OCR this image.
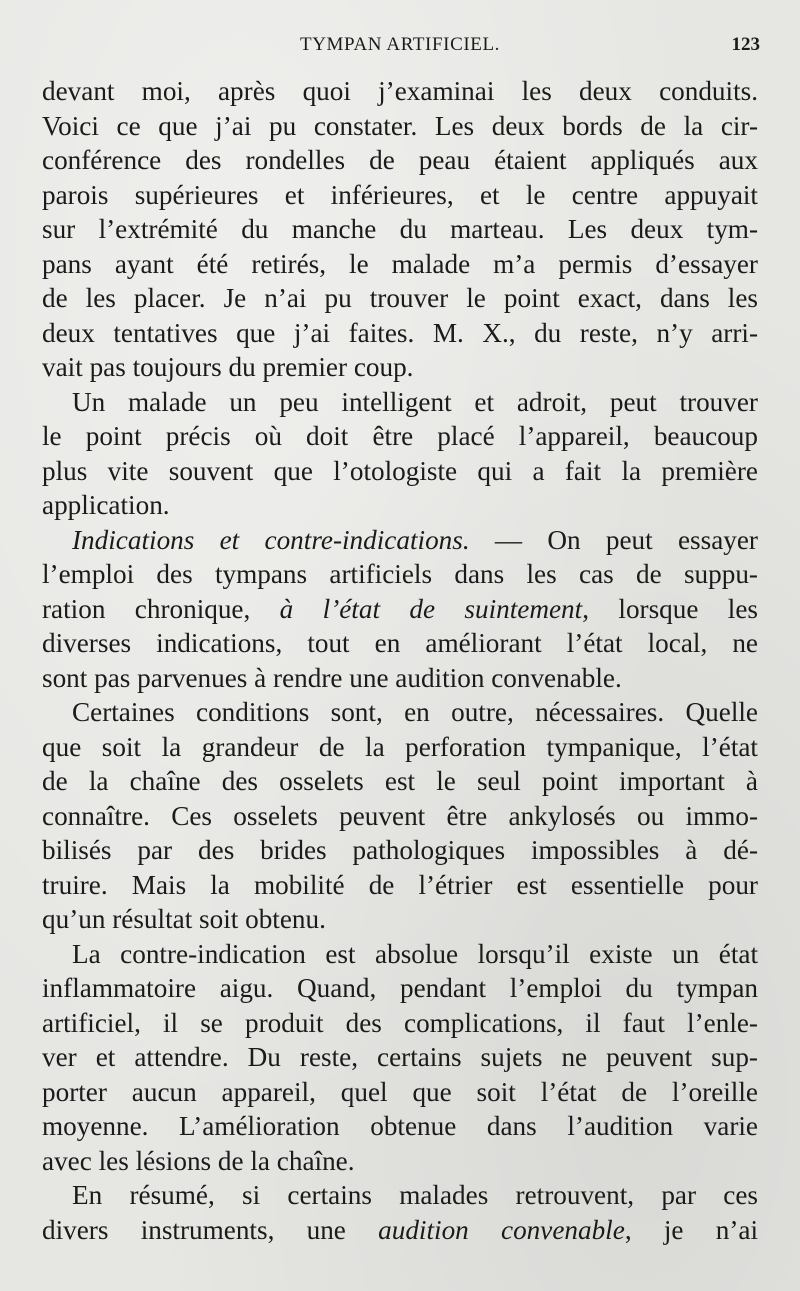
TYMPAN ARTIFICIEL.	123
devant moi, après quoi j’examinai les deux conduits.
Voici ce que j’ai pu constater. Les deux bords de la cir-
conférence des rondelles de peau étaient appliqués aux
parois supérieures et inférieures, et le centre appuyait
sur l’extrémité du manche du marteau. Les deux tym-
pans ayant été retirés, le malade m’a permis d’essayer
de les placer. Je n’ai pu trouver le point exact, dans les
deux tentatives que j’ai faites. M. X., du reste, n’y arri-
vait pas toujours du premier coup.
Un malade un peu intelligent et adroit, peut trouver
le point précis où doit être placé l’appareil, beaucoup
plus vite souvent que l’otologiste qui a fait la première
application.
Indications et contre-indications. — On peut essayer
l’emploi des tympans artificiels dans les cas de suppu-
ration chronique, à l’état de suintement, lorsque les
diverses indications, tout en améliorant l’état local, ne
sont pas parvenues à rendre une audition convenable.
Certaines conditions sont, en outre, nécessaires. Quelle
que soit la grandeur de la perforation tympanique, l’état
de la chaîne des osselets est le seul point important à
connaître. Ces osselets peuvent être ankylosés ou immo-
bilisés par des brides pathologiques impossibles à dé-
truire. Mais la mobilité de l’étrier est essentielle pour
qu’un résultat soit obtenu.
La contre-indication est absolue lorsqu’il existe un état
inflammatoire aigu. Quand, pendant l’emploi du tympan
artificiel, il se produit des complications, il faut l’enle-
ver et attendre. Du reste, certains sujets ne peuvent sup-
porter aucun appareil, quel que soit l’état de l’oreille
moyenne. L’amélioration obtenue dans l’audition varie
avec les lésions de la chaîne.
En résumé, si certains malades retrouvent, par ces
divers instruments, une audition convenable, je n’ai
